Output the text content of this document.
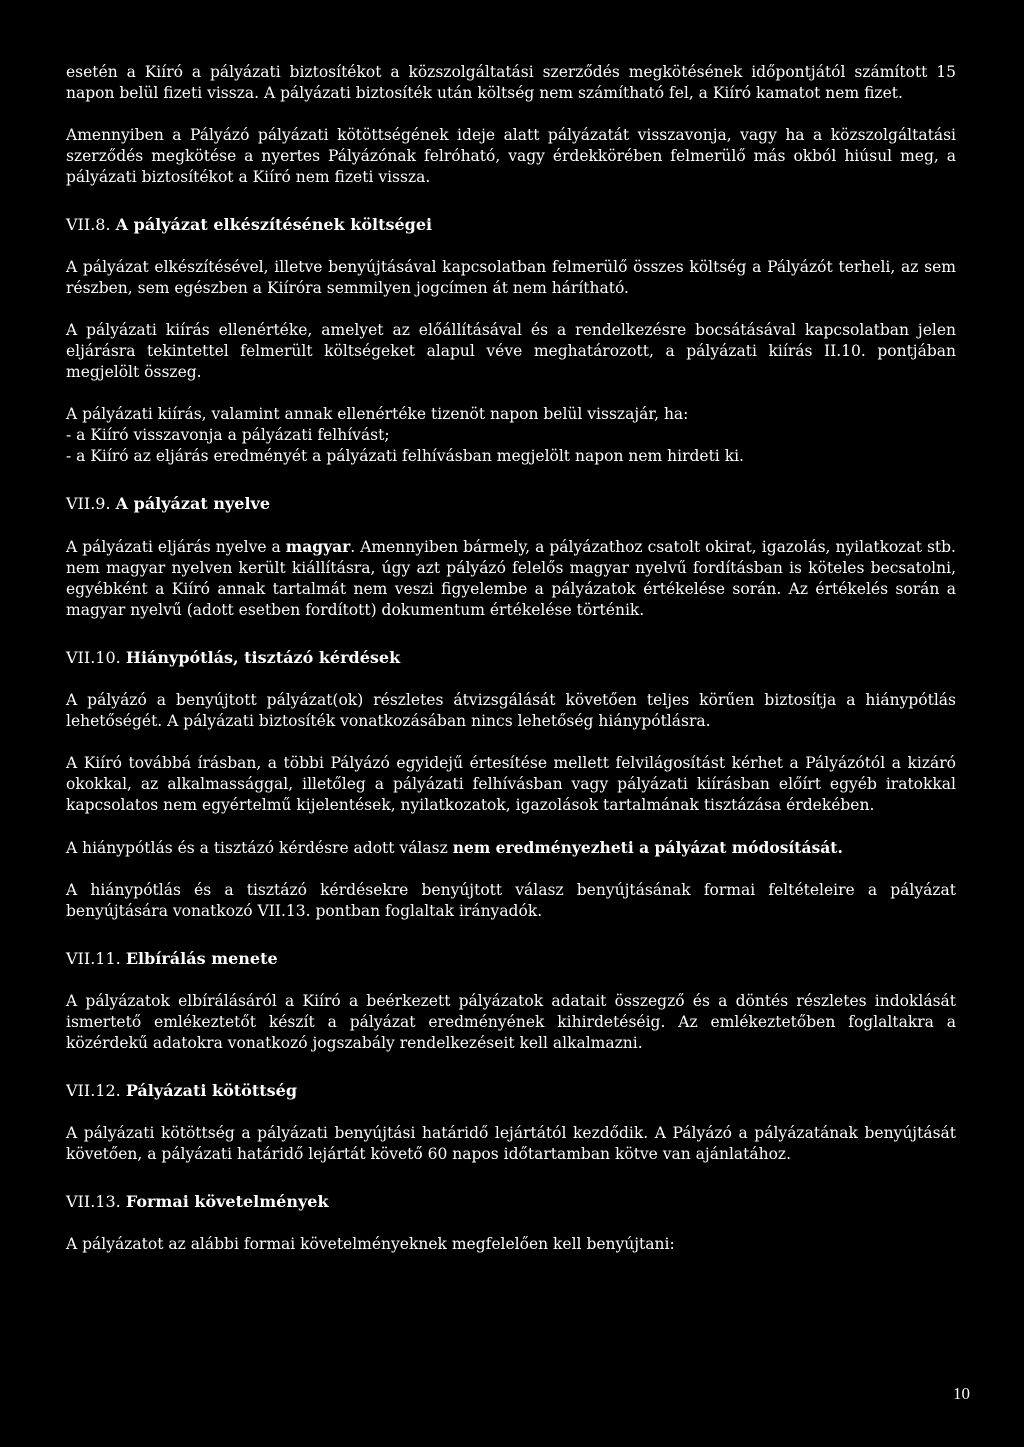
esetén a Kiíró a pályázati biztosítékot a közszolgáltatási szerződés megkötésének időpontjától számított 15 napon belül fizeti vissza. A pályázati biztosíték után költség nem számítható fel, a Kiíró kamatot nem fizet.

Amennyiben a Pályázó pályázati kötöttségének ideje alatt pályázatát visszavonja, vagy ha a közszolgáltatási szerződés megkötése a nyertes Pályázónak felróható, vagy érdekkörében felmerülő más okból hiúsul meg, a pályázati biztosítékot a Kiíró nem fizeti vissza.

VII.8. A pályázat elkészítésének költségei

A pályázat elkészítésével, illetve benyújtásával kapcsolatban felmerülő összes költség a Pályázót terheli, az sem részben, sem egészben a Kiíróra semmilyen jogcímen át nem hárítható.

A pályázati kiírás ellenértéke, amelyet az előállításával és a rendelkezésre bocsátásával kapcsolatban jelen eljárásra tekintettel felmerült költségeket alapul véve meghatározott, a pályázati kiírás II.10. pontjában megjelölt összeg.

A pályázati kiírás, valamint annak ellenértéke tizenöt napon belül visszajár, ha:

- a Kiíró visszavonja a pályázati felhívást;

- a Kiíró az eljárás eredményét a pályázati felhívásban megjelölt napon nem hirdeti ki.

VII.9. A pályázat nyelve

A pályázati eljárás nyelve a magyar. Amennyiben bármely, a pályázathoz csatolt okirat, igazolás, nyilatkozat stb. nem magyar nyelven került kiállításra, úgy azt pályázó felelős magyar nyelvű fordításban is köteles becsatolni, egyébként a Kiíró annak tartalmát nem veszi figyelembe a pályázatok értékelése során. Az értékelés során a magyar nyelvű (adott esetben fordított) dokumentum értékelése történik.

VII.10. Hiánypótlás, tisztázó kérdések

A pályázó a benyújtott pályázat(ok) részletes átvizsgálását követően teljes körűen biztosítja a hiánypótlás lehetőségét. A pályázati biztosíték vonatkozásában nincs lehetőség hiánypótlásra.

A Kiíró továbbá írásban, a többi Pályázó egyidejű értesítése mellett felvilágosítást kérhet a Pályázótól a kizáró okokkal, az alkalmassággal, illetőleg a pályázati felhívásban vagy pályázati kiírásban előírt egyéb iratokkal kapcsolatos nem egyértelmű kijelentések, nyilatkozatok, igazolások tartalmának tisztázása érdekében.

A hiánypótlás és a tisztázó kérdésre adott válasz nem eredményezheti a pályázat módosítását.

A hiánypótlás és a tisztázó kérdésekre benyújtott válasz benyújtásának formai feltételeire a pályázat benyújtására vonatkozó VII.13. pontban foglaltak irányadók.

VII.11. Elbírálás menete

A pályázatok elbírálásáról a Kiíró a beérkezett pályázatok adatait összegző és a döntés részletes indoklását ismertető emlékeztetőt készít a pályázat eredményének kihirdetéséig. Az emlékeztetőben foglaltakra a közérdekű adatokra vonatkozó jogszabály rendelkezéseit kell alkalmazni.

VII.12. Pályázati kötöttség

A pályázati kötöttség a pályázati benyújtási határidő lejártától kezdődik. A Pályázó a pályázatának benyújtását követően, a pályázati határidő lejártát követő 60 napos időtartamban kötve van ajánlatához.

VII.13. Formai követelmények

A pályázatot az alábbi formai követelményeknek megfelelően kell benyújtani:

10
